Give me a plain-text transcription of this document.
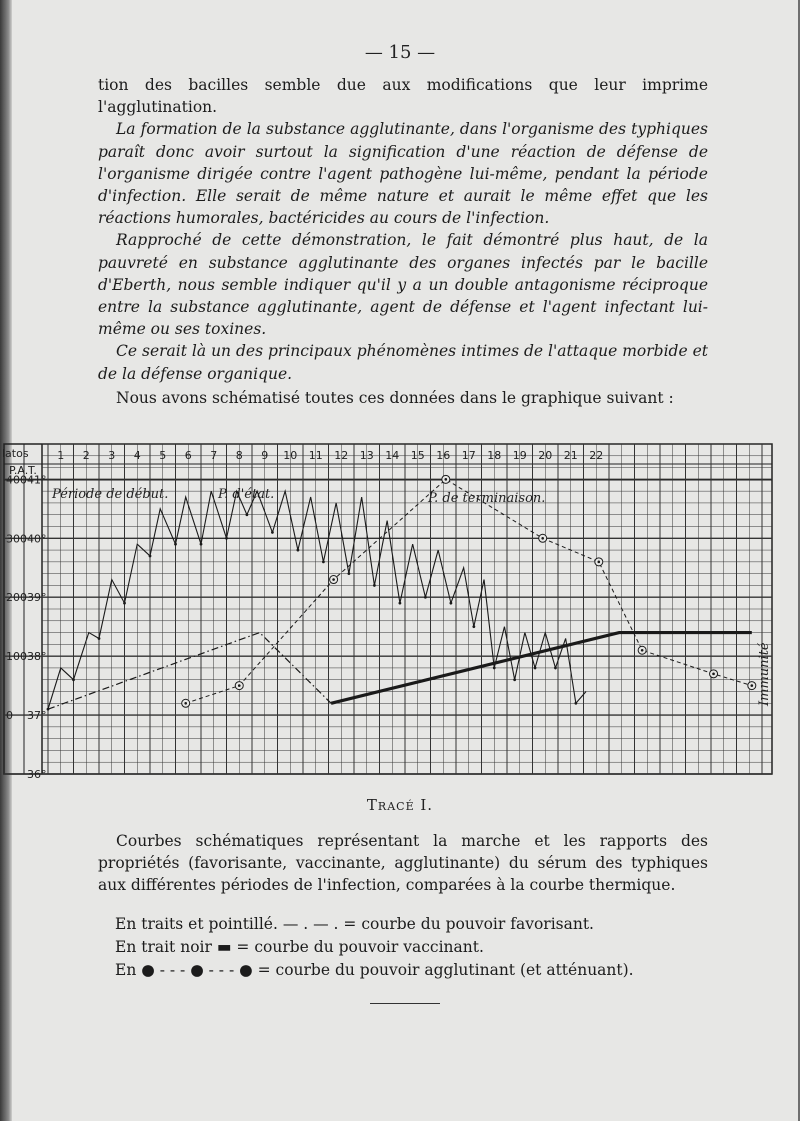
— 15 —

tion des bacilles semble due aux modifications que leur imprime l'agglutination.

La formation de la substance agglutinante, dans l'organisme des typhiques paraît donc avoir surtout la signification d'une réaction de défense de l'organisme dirigée contre l'agent pathogène lui-même, pendant la période d'infection. Elle serait de même nature et aurait le même effet que les réactions humorales, bactéricides au cours de l'infection.

Rapproché de cette démonstration, le fait démontré plus haut, de la pauvreté en substance agglutinante des organes infectés par le bacille d'Eberth, nous semble indiquer qu'il y a un double antagonisme réciproque entre la substance agglutinante, agent de défense et l'agent infectant lui-même ou ses toxines.

Ce serait là un des principaux phénomènes intimes de l'attaque morbide et de la défense organique.

Nous avons schématisé toutes ces données dans le graphique suivant :
latos
P.A. T.
Période de début.	P. d'état.	P. de terminaison.
Immunité
1 2 3 4 5 6 7 8 9 10 11 12 13 14 15 16 17 18 19 20 21 22
41°
40°
39°
38°
37°
36°
400
300
200
100
0
Tracé I.

Courbes schématiques représentant la marche et les rapports des propriétés (favorisante, vaccinante, agglutinante) du sérum des typhiques aux différentes périodes de l'infection, comparées à la courbe thermique.

En traits et pointillé. — . — . = courbe du pouvoir favorisant.

En trait noir ▬ = courbe du pouvoir vaccinant.

En ● - - - ● - - - ● = courbe du pouvoir agglutinant (et atténuant).
